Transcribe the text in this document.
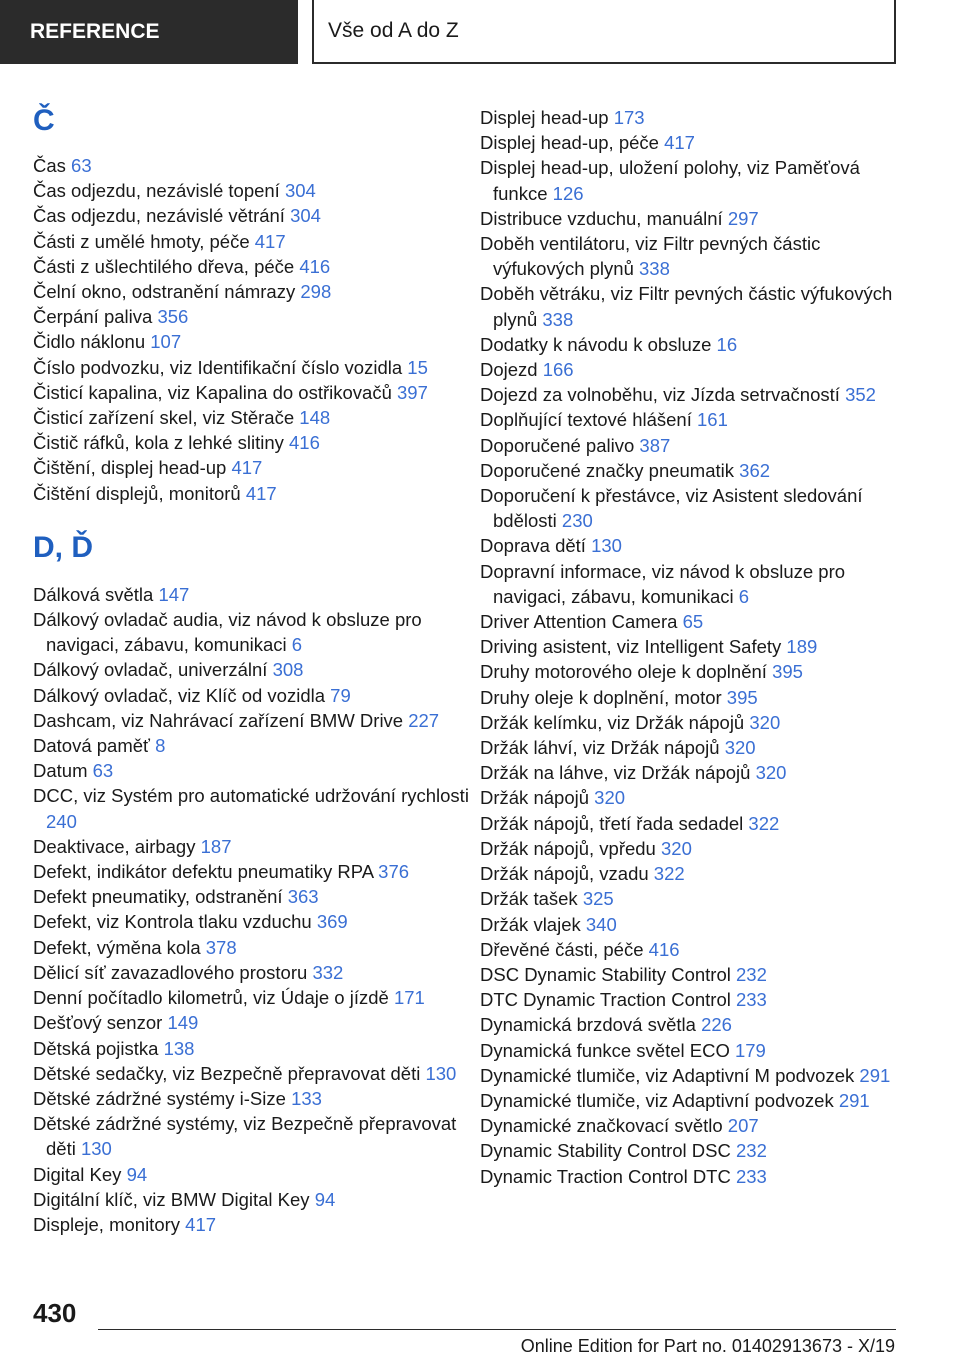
REFERENCE	Vše od A do Z
Č
Čas 63
Čas odjezdu, nezávislé topení 304
Čas odjezdu, nezávislé větrání 304
Části z umělé hmoty, péče 417
Části z ušlechtilého dřeva, péče 416
Čelní okno, odstranění námrazy 298
Čerpání paliva 356
Čidlo náklonu 107
Číslo podvozku, viz Identifikační číslo vozidla 15
Čisticí kapalina, viz Kapalina do ostřikovačů 397
Čisticí zařízení skel, viz Stěrače 148
Čistič ráfků, kola z lehké slitiny 416
Čištění, displej head-up 417
Čištění displejů, monitorů 417
D, Ď
Dálková světla 147
Dálkový ovladač audia, viz návod k obsluze pro navigaci, zábavu, komunikaci 6
Dálkový ovladač, univerzální 308
Dálkový ovladač, viz Klíč od vozidla 79
Dashcam, viz Nahrávací zařízení BMW Drive 227
Datová paměť 8
Datum 63
DCC, viz Systém pro automatické udržování rychlosti 240
Deaktivace, airbagy 187
Defekt, indikátor defektu pneumatiky RPA 376
Defekt pneumatiky, odstranění 363
Defekt, viz Kontrola tlaku vzduchu 369
Defekt, výměna kola 378
Dělicí síť zavazadlového prostoru 332
Denní počítadlo kilometrů, viz Údaje o jízdě 171
Dešťový senzor 149
Dětská pojistka 138
Dětské sedačky, viz Bezpečně přepravovat děti 130
Dětské zádržné systémy i-Size 133
Dětské zádržné systémy, viz Bezpečně přepravovat děti 130
Digital Key 94
Digitální klíč, viz BMW Digital Key 94
Displeje, monitory 417
Displej head-up 173
Displej head-up, péče 417
Displej head-up, uložení polohy, viz Paměťová funkce 126
Distribuce vzduchu, manuální 297
Doběh ventilátoru, viz Filtr pevných částic výfukových plynů 338
Doběh větráku, viz Filtr pevných částic výfukových plynů 338
Dodatky k návodu k obsluze 16
Dojezd 166
Dojezd za volnoběhu, viz Jízda setrvačností 352
Doplňující textové hlášení 161
Doporučené palivo 387
Doporučené značky pneumatik 362
Doporučení k přestávce, viz Asistent sledování bdělosti 230
Doprava dětí 130
Dopravní informace, viz návod k obsluze pro navigaci, zábavu, komunikaci 6
Driver Attention Camera 65
Driving asistent, viz Intelligent Safety 189
Druhy motorového oleje k doplnění 395
Druhy oleje k doplnění, motor 395
Držák kelímku, viz Držák nápojů 320
Držák láhví, viz Držák nápojů 320
Držák na láhve, viz Držák nápojů 320
Držák nápojů 320
Držák nápojů, třetí řada sedadel 322
Držák nápojů, vpředu 320
Držák nápojů, vzadu 322
Držák tašek 325
Držák vlajek 340
Dřevěné části, péče 416
DSC Dynamic Stability Control 232
DTC Dynamic Traction Control 233
Dynamická brzdová světla 226
Dynamická funkce světel ECO 179
Dynamické tlumiče, viz Adaptivní M podvozek 291
Dynamické tlumiče, viz Adaptivní podvozek 291
Dynamické značkovací světlo 207
Dynamic Stability Control DSC 232
Dynamic Traction Control DTC 233
430
Online Edition for Part no. 01402913673 - X/19
